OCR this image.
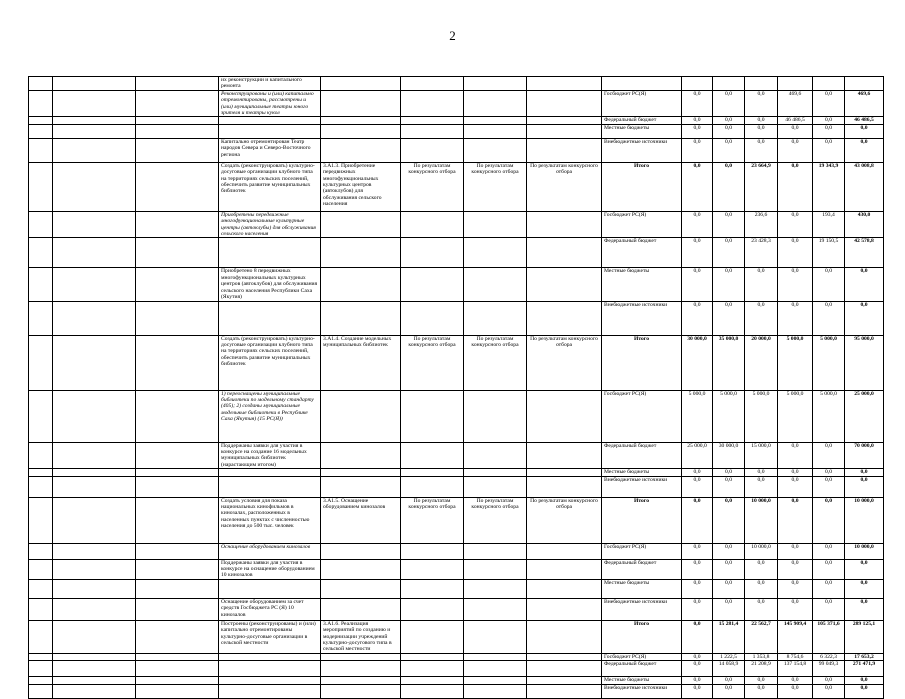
2
			их реконструкции и капитального ремонта											
			Реконструированы и (или) капитально отремонтированы, рассмотрены и (или) муниципальные театры юного зрителя и театры кукол					Госбюджет РС(Я)	0,0	0,0	0,0	469,6	0,0	469,6
								Федеральный бюджет	0,0	0,0	0,0	46 486,5	0,0	46 486,5
								Местные бюджеты	0,0	0,0	0,0	0,0	0,0	0,0
			Капитально отремонтирован Театр народов Севера и Северо-Восточного региона					Внебюджетные источники	0,0	0,0	0,0	0,0	0,0	0,0
			Создать (реконструировать) культурно-досуговые организации клубного типа на территориях сельских поселений, обеспечить развитие муниципальных библиотек	3.А1.3. Приобретение передвижных многофункциональных культурных центров (автоклубов) для обслуживания сельского населения	По результатам конкурсного отбора	По результатам конкурсного отбора	По результатам конкурсного отбора	Итого	0,0	0,0	23 664,9	0,0	19 343,9	43 008,8
			Приобретены передвижные многофункциональные культурные центры (автоклубы) для обслуживания сельского населения					Госбюджет РС(Я)	0,0	0,0	236,6	0,0	193,4	430,0
								Федеральный бюджет	0,0	0,0	23 428,3	0,0	19 150,5	42 578,8
			Приобретено 8 передвижных многофункциональных культурных центров (автоклубов) для обслуживания сельского населения Республики Саха (Якутия)					Местные бюджеты	0,0	0,0	0,0	0,0	0,0	0,0
								Внебюджетные источники	0,0	0,0	0,0	0,0	0,0	0,0
			Создать (реконструировать) культурно-досуговые организации клубного типа на территориях сельских поселений, обеспечить развитие муниципальных библиотек	3.А1.4. Создание модельных муниципальных библиотек	По результатам конкурсного отбора	По результатам конкурсного отбора	По результатам конкурсного отбора	Итого	30 000,0	35 000,0	20 000,0	5 000,0	5 000,0	95 000,0
			1) переоснащены муниципальные библиотеки по модельному стандарту (405); 2) созданы муниципальные модельные библиотеки в Республике Саха (Якутия) (15 РС(Я))					Госбюджет РС(Я)	5 000,0	5 000,0	5 000,0	5 000,0	5 000,0	25 000,0
			Поддержаны заявки для участия в конкурсе на создание 16 модельных муниципальных библиотек (нарастающим итогом)					Федеральный бюджет	25 000,0	30 000,0	15 000,0	0,0	0,0	70 000,0
								Местные бюджеты	0,0	0,0	0,0	0,0	0,0	0,0
								Внебюджетные источники	0,0	0,0	0,0	0,0	0,0	0,0
			Создать условия для показа национальных кинофильмов в кинозалах, расположенных в населенных пунктах с численностью населения до 500 тыс. человек	3.А1.5. Оснащение оборудованием кинозалов	По результатам конкурсного отбора	По результатам конкурсного отбора	По результатам конкурсного отбора	Итого	0,0	0,0	10 000,0	0,0	0,0	10 000,0
			Оснащение оборудованием кинозалов					Госбюджет РС(Я)	0,0	0,0	10 000,0	0,0	0,0	10 000,0
			Поддержаны заявки для участия в конкурсе на оснащение оборудованием 10 кинозалов					Федеральный бюджет	0,0	0,0	0,0	0,0	0,0	0,0
								Местные бюджеты	0,0	0,0	0,0	0,0	0,0	0,0
			Оснащение оборудованием за счет средств Госбюджета РС (Я) 10 кинозалов					Внебюджетные источники	0,0	0,0	0,0	0,0	0,0	0,0
			Построены (реконструированы) и (или) капитально отремонтированы культурно-досуговые организации в сельской местности	3.А1.6. Реализация мероприятий по созданию и модернизации учреждений культурно-досугового типа в сельской местности				Итого	0,0	15 281,4	22 562,7	145 909,4	105 371,6	289 125,1
								Госбюджет РС(Я)	0,0	1 222,5	1 353,8	8 754,6	6 322,3	17 653,2
								Федеральный бюджет	0,0	14 058,9	21 208,9	137 154,8	99 049,3	271 471,9
								Местные бюджеты	0,0	0,0	0,0	0,0	0,0	0,0
								Внебюджетные источники	0,0	0,0	0,0	0,0	0,0	0,0
